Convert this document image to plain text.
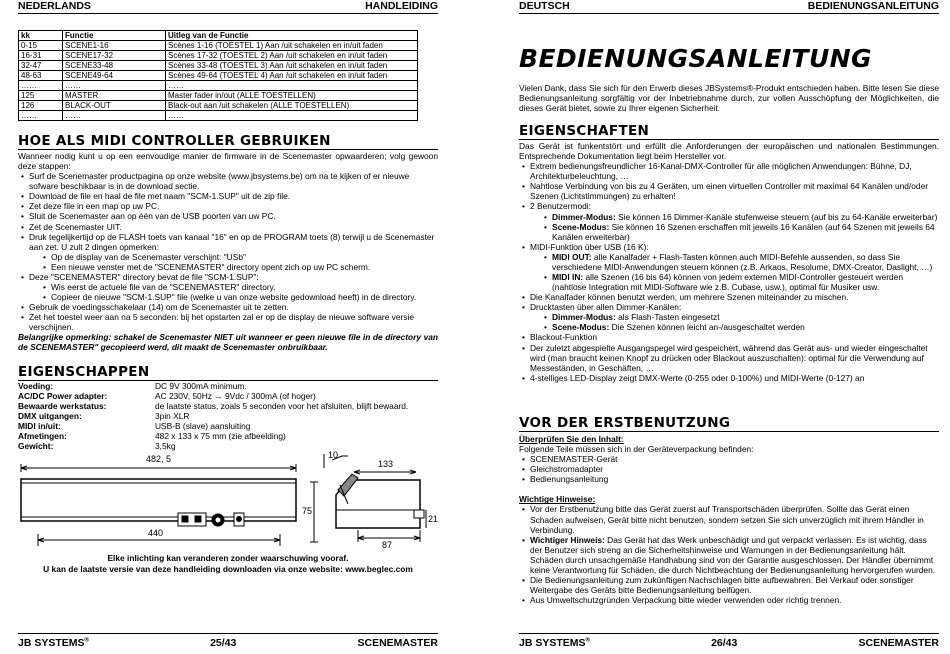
NEDERLANDS	HANDLEIDING
kk	Functie	Uitleg van de Functie
0-15	SCENE1-16	Scènes 1-16 (TOESTEL 1) Aan /uit schakelen en in/uit faden
16-31	SCENE17-32	Scènes 17-32 (TOESTEL 2) Aan /uit schakelen en in/uit faden
32-47	SCENE33-48	Scènes 33-48 (TOESTEL 3) Aan /uit schakelen en in/uit faden
48-63	SCENE49-64	Scènes 49-64 (TOESTEL 4) Aan /uit schakelen en in/uit faden
……	……	……
125	MASTER	Master fader in/out (ALLE TOESTELLEN)
126	BLACK-OUT	Black-out aan /uit schakelen (ALLE TOESTELLEN)
……	……	……
HOE ALS MIDI CONTROLLER GEBRUIKEN

Wanneer nodig kunt u op een eenvoudige manier de firmware in de Scenemaster opwaarderen; volg gewoon deze stappen:

• Surf de Scenemaster productpagina op onze website (www.jbsystems.be) om na te kijken of er nieuwe sofware beschikbaar is in de download sectie.
• Download de file en haal de file met naam "SCM-1.SUP" uit de zip file.
• Zet deze file in een map op uw PC.
• Sluit de Scenemaster aan op één van de USB poorten van uw PC.
• Zet de Scenemaster UIT.
• Druk tegelijkertijd op de FLASH toets van kanaal "16" en op de PROGRAM toets (8) terwijl u de Scenemaster aan zet. U zult 2 dingen opmerken:
• Op de display van de Scenemaster verschijnt: "USb"
• Een nieuwe venster met de "SCENEMASTER" directory opent zich op uw PC scherm.
• Deze "SCENEMASTER" directory bevat de file "SCM-1.SUP":
• Wis eerst de actuele file van de "SCENEMASTER" directory.
• Copieer de nieuwe "SCM-1.SUP" file (welke u van onze website gedownload heeft) in de directory.
• Gebruik de voedingsschakelaar (14) om de Scenemaster uit te zetten.
• Zet het toestel weer aan na 5 seconden: bij het opstarten zal er op de display de nieuwe software versie verschijnen.

Belangrijke opmerking: schakel de Scenemaster NIET uit wanneer er geen nieuwe file in de directory van de SCENEMASTER" gecopieerd werd, dit maakt de Scenemaster onbruikbaar.

EIGENSCHAPPEN
Voeding:	DC 9V 300mA minimum.
AC/DC Power adapter:	AC 230V, 50Hz → 9Vdc / 300mA (of hoger)
Bewaarde werkstatus:	de laatste status, zoals 5 seconden voor het afsluiten, blijft bewaard.
DMX uitgangen:	3pin XLR
MIDI in/uit:	USB-B (slave) aansluiting
Afmetingen:	482 x 133 x 75 mm (zie afbeelding)
Gewicht:	3,5kg
482, 5
440
10
133
75
87
21
Elke inlichting kan veranderen zonder waarschuwing vooraf.
U kan de laatste versie van deze handleiding downloaden via onze website: www.beglec.com
JB SYSTEMS®	25/43	SCENEMASTER
DEUTSCH	BEDIENUNGSANLEITUNG
BEDIENUNGSANLEITUNG

Vielen Dank, dass Sie sich für den Erwerb dieses JBSystems®-Produkt entschieden haben. Bitte lesen Sie diese Bedienungsanleitung sorgfältig vor der Inbetriebnahme durch, zur vollen Ausschöpfung der Möglichkeiten, die dieses Gerät bietet, sowie zu Ihrer eigenen Sicherheit.

EIGENSCHAFTEN

Das Gerät ist funkentstört und erfüllt die Anforderungen der europäischen und nationalen Bestimmungen. Entsprechende Dokumentation liegt beim Hersteller vor.

• Extrem bedienungsfreundlicher 16-Kanal-DMX-Controller für alle möglichen Anwendungen: Bühne, DJ, Architekturbeleuchtung, …
• Nahtlose Verbindung von bis zu 4 Geräten, um einen virtuellen Controller mit maximal 64 Kanälen und/oder Szenen (Lichtstimmungen) zu erhalten!
• 2 Benutzermodi:
• Dimmer-Modus: Sie können 16 Dimmer-Kanäle stufenweise steuern (auf bis zu 64-Kanäle erweiterbar)
• Scene-Modus: Sie können 16 Szenen erschaffen mit jeweils 16 Kanälen (auf 64 Szenen mit jeweils 64 Kanälen erweiterbar)
• MIDI-Funktion über USB (16 K):
• MIDI OUT: alle Kanalfader + Flash-Tasten können auch MIDI-Befehle aussenden, so dass Sie verschiedene MIDI-Anwendungen steuern können (z.B. Arkaos, Resolume, DMX-Creator, Daslight, …)
• MIDI IN: alle Szenen (16 bis 64) können von jedem externen MIDI-Controller gesteuert werden (nahtlose Integration mit MIDI-Software wie z.B. Cubase, usw.), optimal für Musiker usw.
• Die Kanalfader können benutzt werden, um mehrere Szenen miteinander zu mischen.
• Drucktasten über allen Dimmer-Kanälen:
• Dimmer-Modus: als Flash-Tasten eingesetzt
• Scene-Modus: Die Szenen können leicht an-/ausgeschaltet werden
• Blackout-Funktion
• Der zuletzt abgespielte Ausgangspegel wird gespeichert, während das Gerät aus- und wieder eingeschaltet wird (man braucht keinen Knopf zu drücken oder Blackout auszuschalten): optimal für die Verwendung auf Messeständen, in Geschäften, …
• 4-stelliges LED-Display zeigt DMX-Werte (0-255 oder 0-100%) und MIDI-Werte (0-127) an
VOR DER ERSTBENUTZUNG
Überprüfen Sie den Inhalt:
Folgende Teile müssen sich in der Geräteverpackung befinden:
• SCENEMASTER-Gerät
• Gleichstromadapter
• Bedienungsanleitung
Wichtige Hinweise:
• Vor der Erstbenutzung bitte das Gerät zuerst auf Transportschäden überprüfen. Sollte das Gerät einen Schaden aufweisen, Gerät bitte nicht benutzen, sondern setzen Sie sich unverzüglich mit ihrem Händler in Verbindung.
• Wichtiger Hinweis: Das Gerät hat das Werk unbeschädigt und gut verpackt verlassen. Es ist wichtig, dass der Benutzer sich streng an die Sicherheitshinweise und Warnungen in der Bedienungsanleitung hält. Schäden durch unsachgemäße Handhabung sind von der Garantie ausgeschlossen. Der Händler übernimmt keine Verantwortung für Schäden, die durch Nichtbeachtung der Bedienungsanleitung hervorgerufen wurden.
• Die Bedienungsanleitung zum zukünftigen Nachschlagen bitte aufbewahren. Bei Verkauf oder sonstiger Weitergabe des Geräts bitte Bedienungsanleitung beifügen.
• Aus Umweltschutzgründen Verpackung bitte wieder verwenden oder richtig trennen.
JB SYSTEMS®	26/43	SCENEMASTER
